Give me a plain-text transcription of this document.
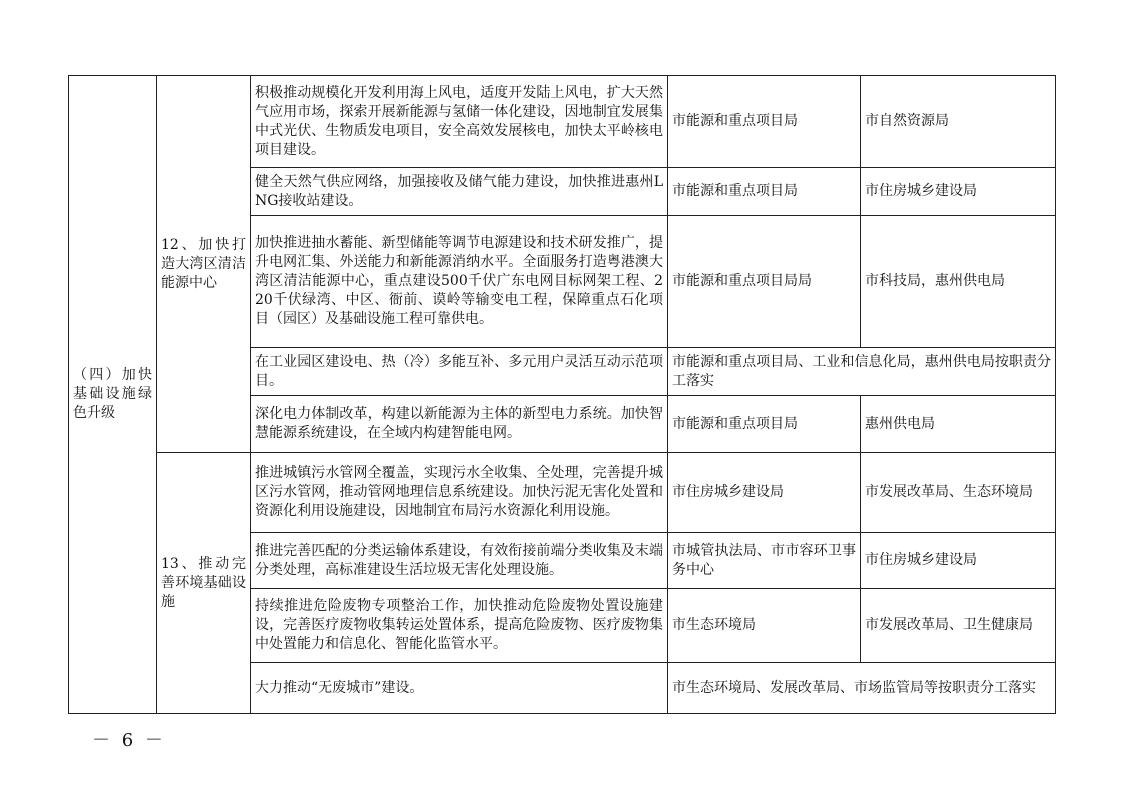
（四）加快基础设施绿色升级	12、加快打造大湾区清洁能源中心	积极推动规模化开发利用海上风电，适度开发陆上风电，扩大天然气应用市场，探索开展新能源与氢储一体化建设，因地制宜发展集中式光伏、生物质发电项目，安全高效发展核电，加快太平岭核电项目建设。	市能源和重点项目局	市自然资源局
		健全天然气供应网络，加强接收及储气能力建设，加快推进惠州LNG接收站建设。	市能源和重点项目局	市住房城乡建设局
		加快推进抽水蓄能、新型储能等调节电源建设和技术研发推广，提升电网汇集、外送能力和新能源消纳水平。全面服务打造粤港澳大湾区清洁能源中心，重点建设500千伏广东电网目标网架工程、220千伏绿湾、中区、衙前、谟岭等输变电工程，保障重点石化项目（园区）及基础设施工程可靠供电。	市能源和重点项目局局	市科技局，惠州供电局
		在工业园区建设电、热（冷）多能互补、多元用户灵活互动示范项目。	市能源和重点项目局、工业和信息化局，惠州供电局按职责分工落实	
		深化电力体制改革，构建以新能源为主体的新型电力系统。加快智慧能源系统建设，在全域内构建智能电网。	市能源和重点项目局	惠州供电局
	13、推动完善环境基础设施	推进城镇污水管网全覆盖，实现污水全收集、全处理，完善提升城区污水管网，推动管网地理信息系统建设。加快污泥无害化处置和资源化利用设施建设，因地制宜布局污水资源化利用设施。	市住房城乡建设局	市发展改革局、生态环境局
		推进完善匹配的分类运输体系建设，有效衔接前端分类收集及末端分类处理，高标准建设生活垃圾无害化处理设施。	市城管执法局、市市容环卫事务中心	市住房城乡建设局
		持续推进危险废物专项整治工作，加快推动危险废物处置设施建设，完善医疗废物收集转运处置体系，提高危险废物、医疗废物集中处置能力和信息化、智能化监管水平。	市生态环境局	市发展改革局、卫生健康局
		大力推动“无废城市”建设。	市生态环境局、发展改革局、市场监管局等按职责分工落实	
－ 6 －
